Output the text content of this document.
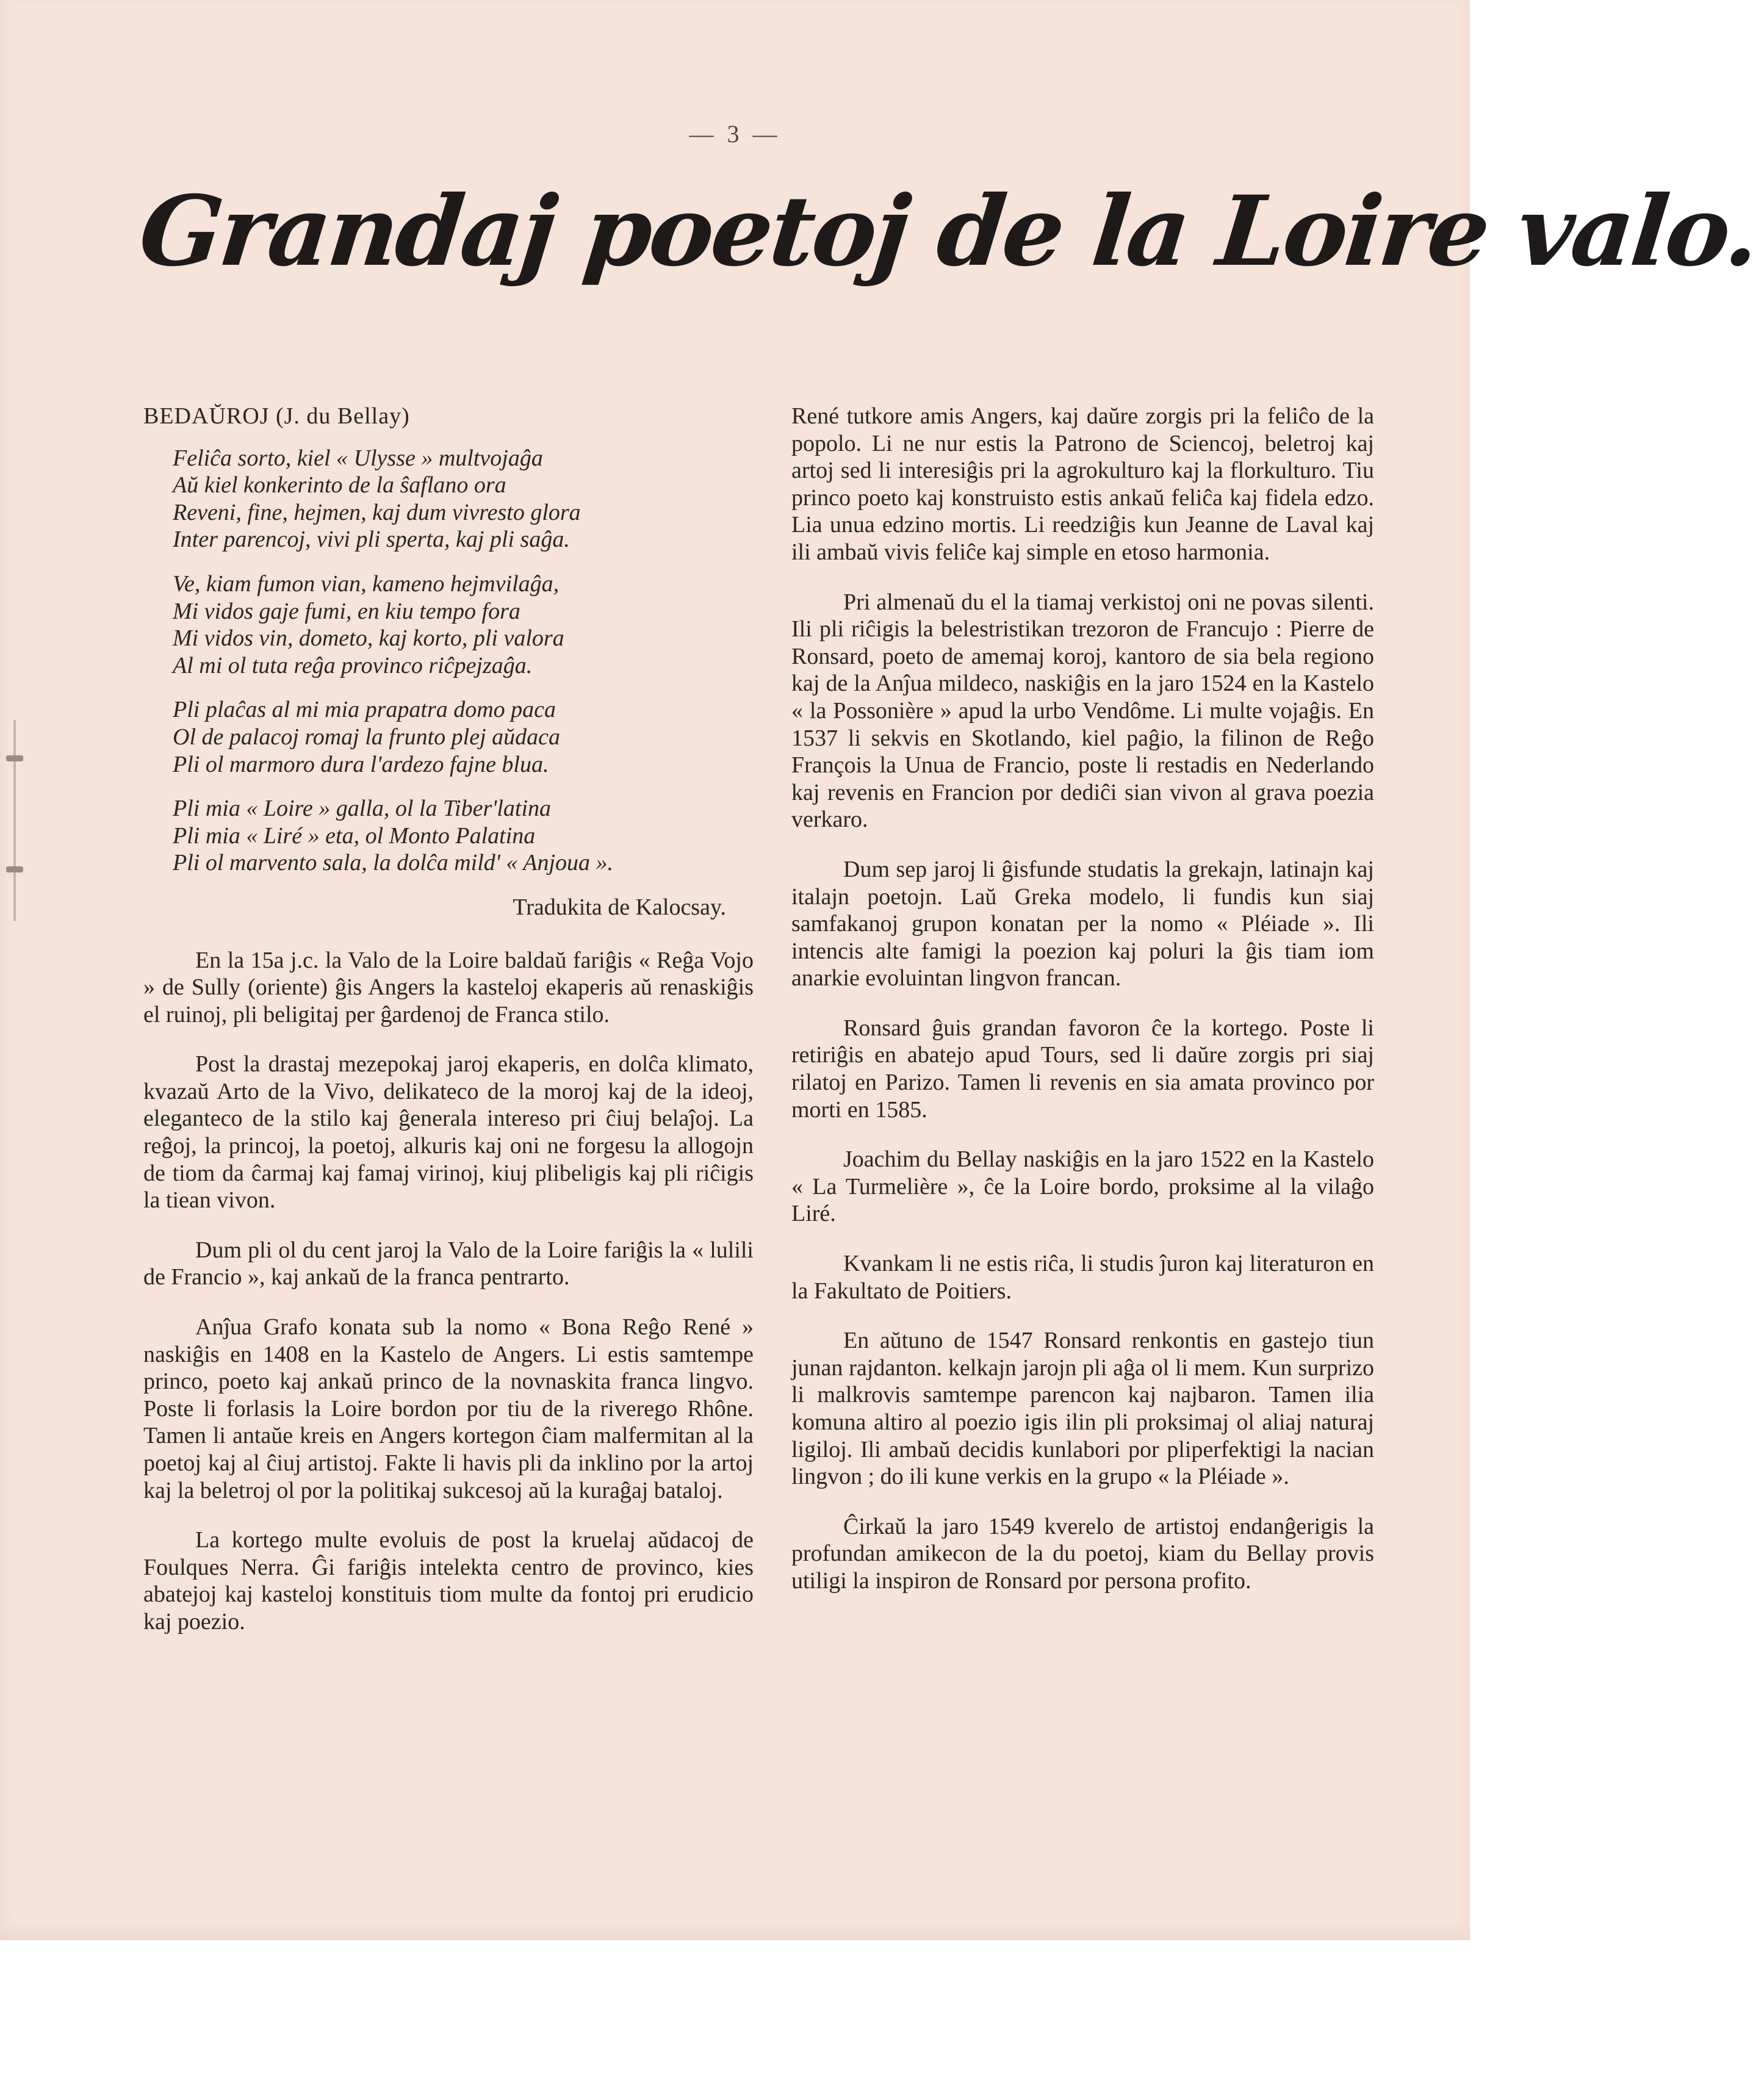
— 3 —
Grandaj poetoj de la Loire valo.

BEDAŬROJ (J. du Bellay)

Feliĉa sorto, kiel « Ulysse » multvojaĝa
Aŭ kiel konkerinto de la ŝaflano ora
Reveni, fine, hejmen, kaj dum vivresto glora
Inter parencoj, vivi pli sperta, kaj pli saĝa.
Ve, kiam fumon vian, kameno hejmvilaĝa,
Mi vidos gaje fumi, en kiu tempo fora
Mi vidos vin, dometo, kaj korto, pli valora
Al mi ol tuta reĝa provinco riĉpejzaĝa.
Pli plaĉas al mi mia prapatra domo paca
Ol de palacoj romaj la frunto plej aŭdaca
Pli ol marmoro dura l'ardezo fajne blua.
Pli mia « Loire » galla, ol la Tiber'latina
Pli mia « Liré » eta, ol Monto Palatina
Pli ol marvento sala, la dolĉa mild' « Anjoua ».

Tradukita de Kalocsay.

En la 15a j.c. la Valo de la Loire baldaŭ fariĝis « Reĝa Vojo » de Sully (oriente) ĝis Angers la kasteloj ekaperis aŭ renaskiĝis el ruinoj, pli beligitaj per ĝardenoj de Franca stilo.

Post la drastaj mezepokaj jaroj ekaperis, en dolĉa klimato, kvazaŭ Arto de la Vivo, delikateco de la moroj kaj de la ideoj, eleganteco de la stilo kaj ĝenerala intereso pri ĉiuj belaĵoj. La reĝoj, la princoj, la poetoj, alkuris kaj oni ne forgesu la allogojn de tiom da ĉarmaj kaj famaj virinoj, kiuj plibeligis kaj pli riĉigis la tiean vivon.

Dum pli ol du cent jaroj la Valo de la Loire fariĝis la « lulili de Francio », kaj ankaŭ de la franca pentrarto.

Anĵua Grafo konata sub la nomo « Bona Reĝo René » naskiĝis en 1408 en la Kastelo de Angers. Li estis samtempe princo, poeto kaj ankaŭ princo de la novnaskita franca lingvo. Poste li forlasis la Loire bordon por tiu de la riverego Rhône. Tamen li antaŭe kreis en Angers kortegon ĉiam malfermitan al la poetoj kaj al ĉiuj artistoj. Fakte li havis pli da inklino por la artoj kaj la beletroj ol por la politikaj sukcesoj aŭ la kuraĝaj bataloj.

La kortego multe evoluis de post la kruelaj aŭdacoj de Foulques Nerra. Ĝi fariĝis intelekta centro de provinco, kies abatejoj kaj kasteloj konstituis tiom multe da fontoj pri erudicio kaj poezio.

René tutkore amis Angers, kaj daŭre zorgis pri la feliĉo de la popolo. Li ne nur estis la Patrono de Sciencoj, beletroj kaj artoj sed li interesiĝis pri la agrokulturo kaj la florkulturo. Tiu princo poeto kaj konstruisto estis ankaŭ feliĉa kaj fidela edzo. Lia unua edzino mortis. Li reedziĝis kun Jeanne de Laval kaj ili ambaŭ vivis feliĉe kaj simple en etoso harmonia.

Pri almenaŭ du el la tiamaj verkistoj oni ne povas silenti. Ili pli riĉigis la belestristikan trezoron de Francujo : Pierre de Ronsard, poeto de amemaj koroj, kantoro de sia bela regiono kaj de la Anĵua mildeco, naskiĝis en la jaro 1524 en la Kastelo « la Possonière » apud la urbo Vendôme. Li multe vojaĝis. En 1537 li sekvis en Skotlando, kiel paĝio, la filinon de Reĝo François la Unua de Francio, poste li restadis en Nederlando kaj revenis en Francion por dediĉi sian vivon al grava poezia verkaro.

Dum sep jaroj li ĝisfunde studatis la grekajn, latinajn kaj italajn poetojn. Laŭ Greka modelo, li fundis kun siaj samfakanoj grupon konatan per la nomo « Pléiade ». Ili intencis alte famigi la poezion kaj poluri la ĝis tiam iom anarkie evoluintan lingvon francan.

Ronsard ĝuis grandan favoron ĉe la kortego. Poste li retiriĝis en abatejo apud Tours, sed li daŭre zorgis pri siaj rilatoj en Parizo. Tamen li revenis en sia amata provinco por morti en 1585.

Joachim du Bellay naskiĝis en la jaro 1522 en la Kastelo « La Turmelière », ĉe la Loire bordo, proksime al la vilaĝo Liré.

Kvankam li ne estis riĉa, li studis ĵuron kaj literaturon en la Fakultato de Poitiers.

En aŭtuno de 1547 Ronsard renkontis en gastejo tiun junan rajdanton. kelkajn jarojn pli aĝa ol li mem. Kun surprizo li malkrovis samtempe parencon kaj najbaron. Tamen ilia komuna altiro al poezio igis ilin pli proksimaj ol aliaj naturaj ligiloj. Ili ambaŭ decidis kunlabori por pliperfektigi la nacian lingvon ; do ili kune verkis en la grupo « la Pléiade ».

Ĉirkaŭ la jaro 1549 kverelo de artistoj endanĝerigis la profundan amikecon de la du poetoj, kiam du Bellay provis utiligi la inspiron de Ronsard por persona profito.
